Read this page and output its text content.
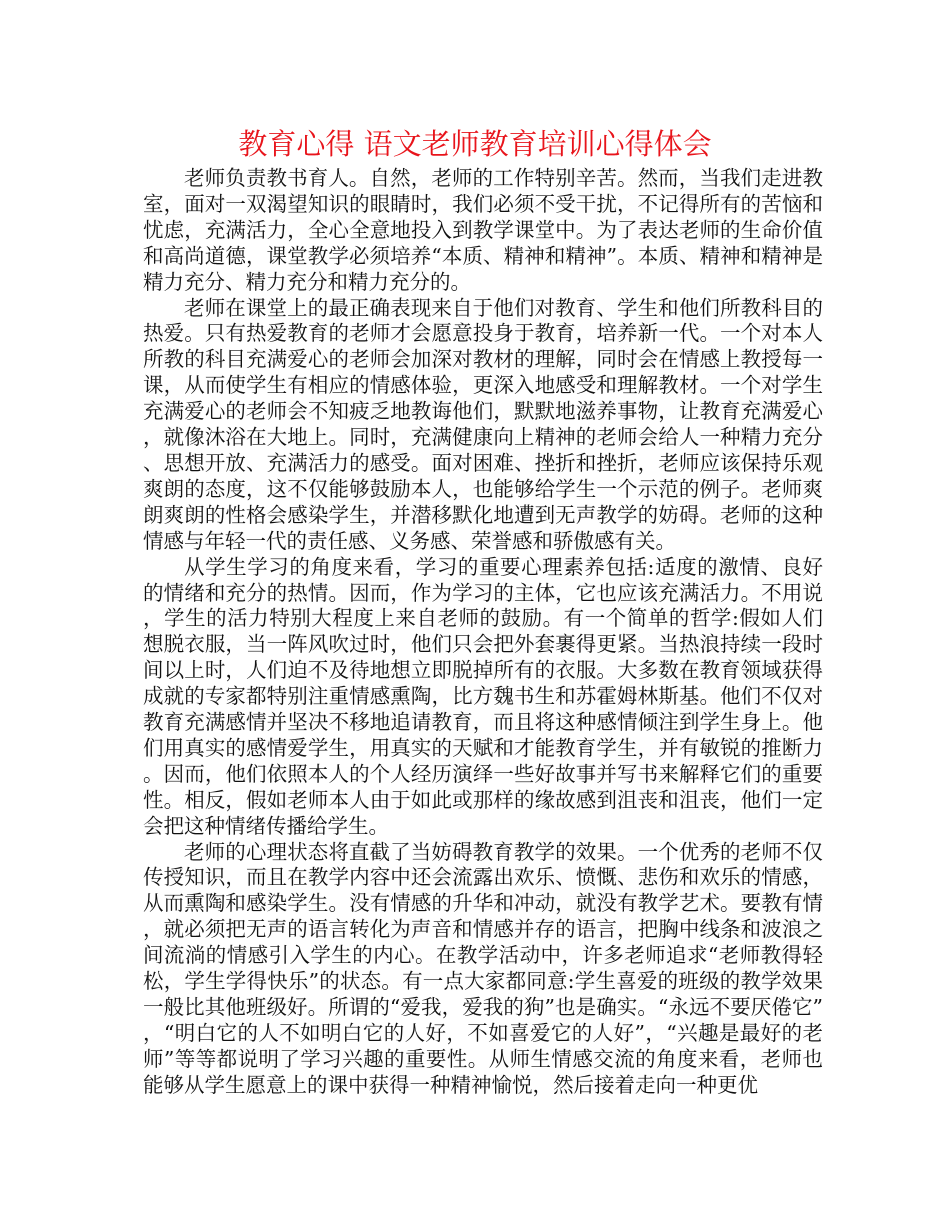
教育心得 语文老师教育培训心得体会

老师负责教书育人。自然，老师的工作特别辛苦。然而，当我们走进教室，面对一双渴望知识的眼睛时，我们必须不受干扰，不记得所有的苦恼和忧虑，充满活力，全心全意地投入到教学课堂中。为了表达老师的生命价值和高尚道德，课堂教学必须培养“本质、精神和精神”。本质、精神和精神是精力充分、精力充分和精力充分的。

老师在课堂上的最正确表现来自于他们对教育、学生和他们所教科目的热爱。只有热爱教育的老师才会愿意投身于教育，培养新一代。一个对本人所教的科目充满爱心的老师会加深对教材的理解，同时会在情感上教授每一课，从而使学生有相应的情感体验，更深入地感受和理解教材。一个对学生充满爱心的老师会不知疲乏地教诲他们，默默地滋养事物，让教育充满爱心，就像沐浴在大地上。同时，充满健康向上精神的老师会给人一种精力充分、思想开放、充满活力的感受。面对困难、挫折和挫折，老师应该保持乐观爽朗的态度，这不仅能够鼓励本人，也能够给学生一个示范的例子。老师爽朗爽朗的性格会感染学生，并潜移默化地遭到无声教学的妨碍。老师的这种情感与年轻一代的责任感、义务感、荣誉感和骄傲感有关。

从学生学习的角度来看，学习的重要心理素养包括:适度的激情、良好的情绪和充分的热情。因而，作为学习的主体，它也应该充满活力。不用说，学生的活力特别大程度上来自老师的鼓励。有一个简单的哲学:假如人们想脱衣服，当一阵风吹过时，他们只会把外套裹得更紧。当热浪持续一段时间以上时，人们迫不及待地想立即脱掉所有的衣服。大多数在教育领域获得成就的专家都特别注重情感熏陶，比方魏书生和苏霍姆林斯基。他们不仅对教育充满感情并坚决不移地追请教育，而且将这种感情倾注到学生身上。他们用真实的感情爱学生，用真实的天赋和才能教育学生，并有敏锐的推断力。因而，他们依照本人的个人经历演绎一些好故事并写书来解释它们的重要性。相反，假如老师本人由于如此或那样的缘故感到沮丧和沮丧，他们一定会把这种情绪传播给学生。

老师的心理状态将直截了当妨碍教育教学的效果。一个优秀的老师不仅传授知识，而且在教学内容中还会流露出欢乐、愤慨、悲伤和欢乐的情感，从而熏陶和感染学生。没有情感的升华和冲动，就没有教学艺术。要教有情，就必须把无声的语言转化为声音和情感并存的语言，把胸中线条和波浪之间流淌的情感引入学生的内心。在教学活动中，许多老师追求“老师教得轻松，学生学得快乐”的状态。有一点大家都同意:学生喜爱的班级的教学效果一般比其他班级好。所谓的“爱我，爱我的狗”也是确实。“永远不要厌倦它”，“明白它的人不如明白它的人好，不如喜爱它的人好”，“兴趣是最好的老师”等等都说明了学习兴趣的重要性。从师生情感交流的角度来看，老师也能够从学生愿意上的课中获得一种精神愉悦，然后接着走向一种更优
